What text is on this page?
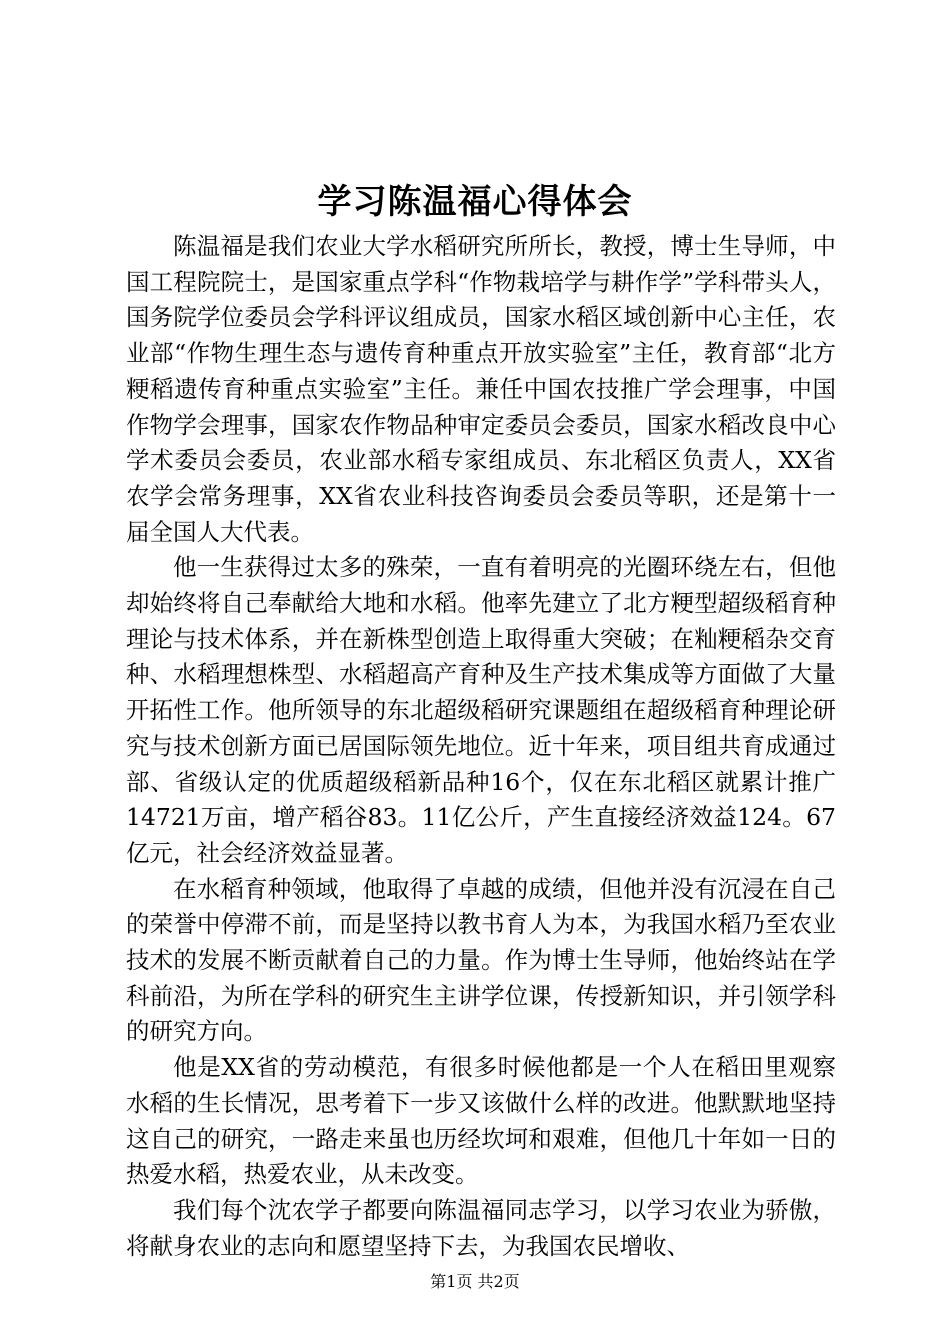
学习陈温福心得体会

陈温福是我们农业大学水稻研究所所长，教授，博士生导师，中国工程院院士，是国家重点学科“作物栽培学与耕作学”学科带头人，国务院学位委员会学科评议组成员，国家水稻区域创新中心主任，农业部“作物生理生态与遗传育种重点开放实验室”主任，教育部“北方粳稻遗传育种重点实验室”主任。兼任中国农技推广学会理事，中国作物学会理事，国家农作物品种审定委员会委员，国家水稻改良中心学术委员会委员，农业部水稻专家组成员、东北稻区负责人，XX省农学会常务理事，XX省农业科技咨询委员会委员等职，还是第十一届全国人大代表。

他一生获得过太多的殊荣，一直有着明亮的光圈环绕左右，但他却始终将自己奉献给大地和水稻。他率先建立了北方粳型超级稻育种理论与技术体系，并在新株型创造上取得重大突破；在籼粳稻杂交育种、水稻理想株型、水稻超高产育种及生产技术集成等方面做了大量开拓性工作。他所领导的东北超级稻研究课题组在超级稻育种理论研究与技术创新方面已居国际领先地位。近十年来，项目组共育成通过部、省级认定的优质超级稻新品种16个，仅在东北稻区就累计推广14721万亩，增产稻谷83。11亿公斤，产生直接经济效益124。67亿元，社会经济效益显著。

在水稻育种领域，他取得了卓越的成绩，但他并没有沉浸在自己的荣誉中停滞不前，而是坚持以教书育人为本，为我国水稻乃至农业技术的发展不断贡献着自己的力量。作为博士生导师，他始终站在学科前沿，为所在学科的研究生主讲学位课，传授新知识，并引领学科的研究方向。

他是XX省的劳动模范，有很多时候他都是一个人在稻田里观察水稻的生长情况，思考着下一步又该做什么样的改进。他默默地坚持这自己的研究，一路走来虽也历经坎坷和艰难，但他几十年如一日的热爱水稻，热爱农业，从未改变。

我们每个沈农学子都要向陈温福同志学习，以学习农业为骄傲，将献身农业的志向和愿望坚持下去，为我国农民增收、

第1页 共2页
